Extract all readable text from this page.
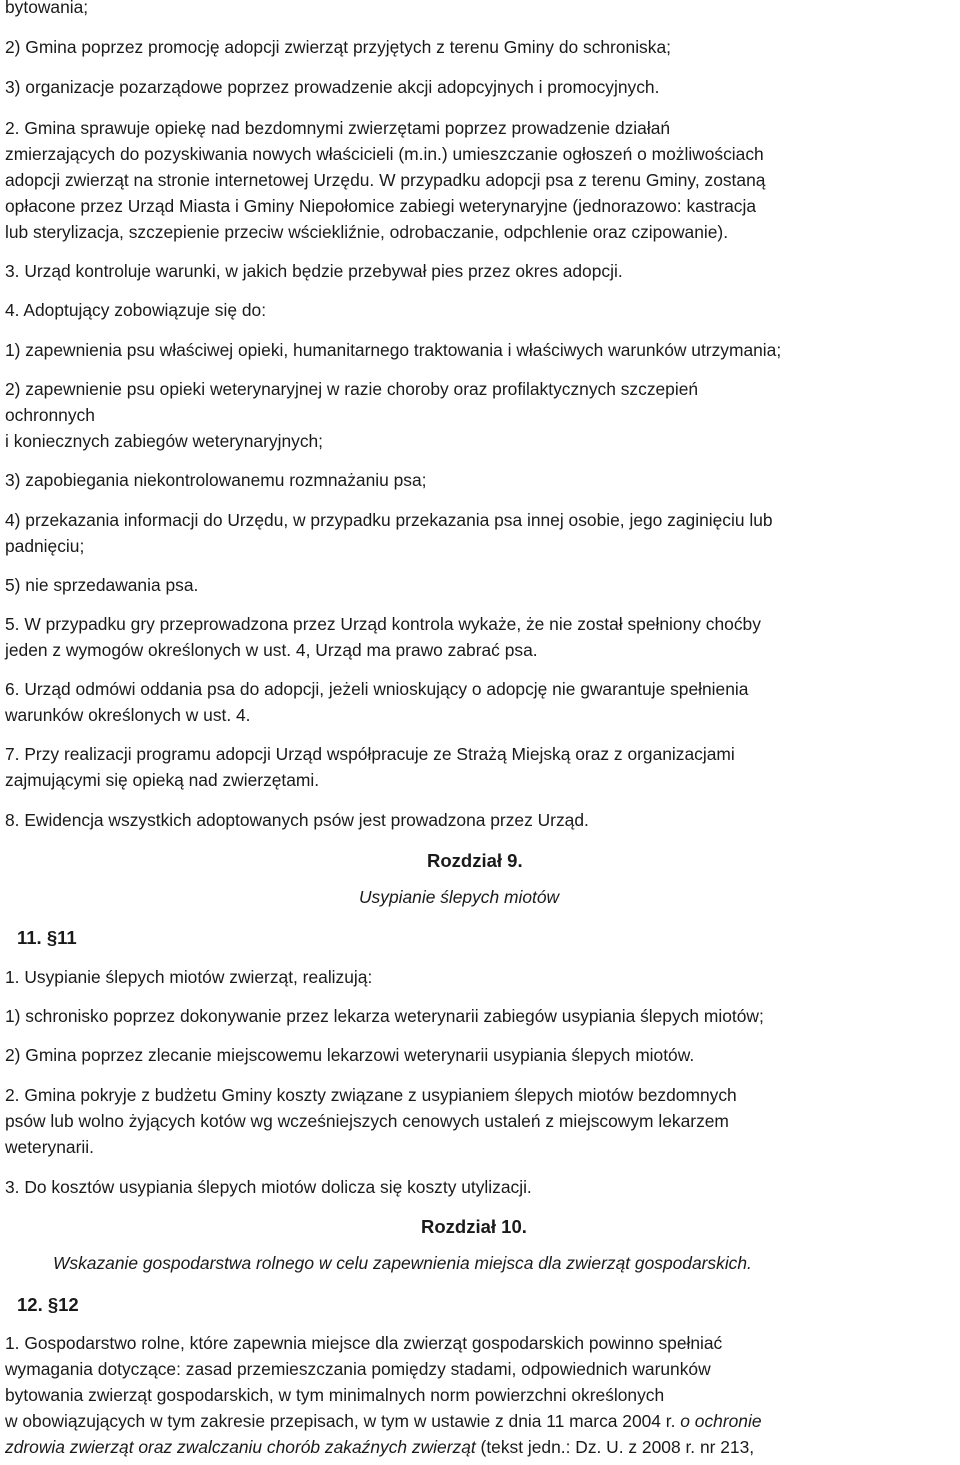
bytowania;

2) Gmina poprzez promocję adopcji zwierząt przyjętych z terenu Gminy do schroniska;

3) organizacje pozarządowe poprzez prowadzenie akcji adopcyjnych i promocyjnych.

2. Gmina sprawuje opiekę nad bezdomnymi zwierzętami poprzez prowadzenie działań

zmierzających do pozyskiwania nowych właścicieli (m.in.) umieszczanie ogłoszeń o możliwościach

adopcji zwierząt na stronie internetowej Urzędu. W przypadku adopcji psa z terenu Gminy, zostaną

opłacone przez Urząd Miasta i Gminy Niepołomice zabiegi weterynaryjne (jednorazowo: kastracja

lub sterylizacja, szczepienie przeciw wściekliźnie, odrobaczanie, odpchlenie oraz czipowanie).

3. Urząd kontroluje warunki, w jakich będzie przebywał pies przez okres adopcji.

4. Adoptujący zobowiązuje się do:

1) zapewnienia psu właściwej opieki, humanitarnego traktowania i właściwych warunków utrzymania;

2) zapewnienie psu opieki weterynaryjnej w razie choroby oraz profilaktycznych szczepień

ochronnych

i koniecznych zabiegów weterynaryjnych;

3) zapobiegania niekontrolowanemu rozmnażaniu psa;

4) przekazania informacji do Urzędu, w przypadku przekazania psa innej osobie, jego zaginięciu lub

padnięciu;

5) nie sprzedawania psa.

5. W przypadku gry przeprowadzona przez Urząd kontrola wykaże, że nie został spełniony choćby

jeden z wymogów określonych w ust. 4, Urząd ma prawo zabrać psa.

6. Urząd odmówi oddania psa do adopcji, jeżeli wnioskujący o adopcję nie gwarantuje spełnienia

warunków określonych w ust. 4.

7. Przy realizacji programu adopcji Urząd współpracuje ze Strażą Miejską oraz z organizacjami

zajmującymi się opieką nad zwierzętami.

8. Ewidencja wszystkich adoptowanych psów jest prowadzona przez Urząd.

Rozdział 9.

Usypianie ślepych miotów

11. §11

1. Usypianie ślepych miotów zwierząt, realizują:

1) schronisko poprzez dokonywanie przez lekarza weterynarii zabiegów usypiania ślepych miotów;

2) Gmina poprzez zlecanie miejscowemu lekarzowi weterynarii usypiania ślepych miotów.

2. Gmina pokryje z budżetu Gminy koszty związane z usypianiem ślepych miotów bezdomnych

psów lub wolno żyjących kotów wg wcześniejszych cenowych ustaleń z miejscowym lekarzem

weterynarii.

3. Do kosztów usypiania ślepych miotów dolicza się koszty utylizacji.

Rozdział 10.

Wskazanie gospodarstwa rolnego w celu zapewnienia miejsca dla zwierząt gospodarskich.

12. §12

1. Gospodarstwo rolne, które zapewnia miejsce dla zwierząt gospodarskich powinno spełniać

wymagania dotyczące: zasad przemieszczania pomiędzy stadami, odpowiednich warunków

bytowania zwierząt gospodarskich, w tym minimalnych norm powierzchni określonych

w obowiązujących w tym zakresie przepisach, w tym w ustawie z dnia 11 marca 2004 r. o ochronie

zdrowia zwierząt oraz zwalczaniu chorób zakaźnych zwierząt (tekst jedn.: Dz. U. z 2008 r. nr 213,
